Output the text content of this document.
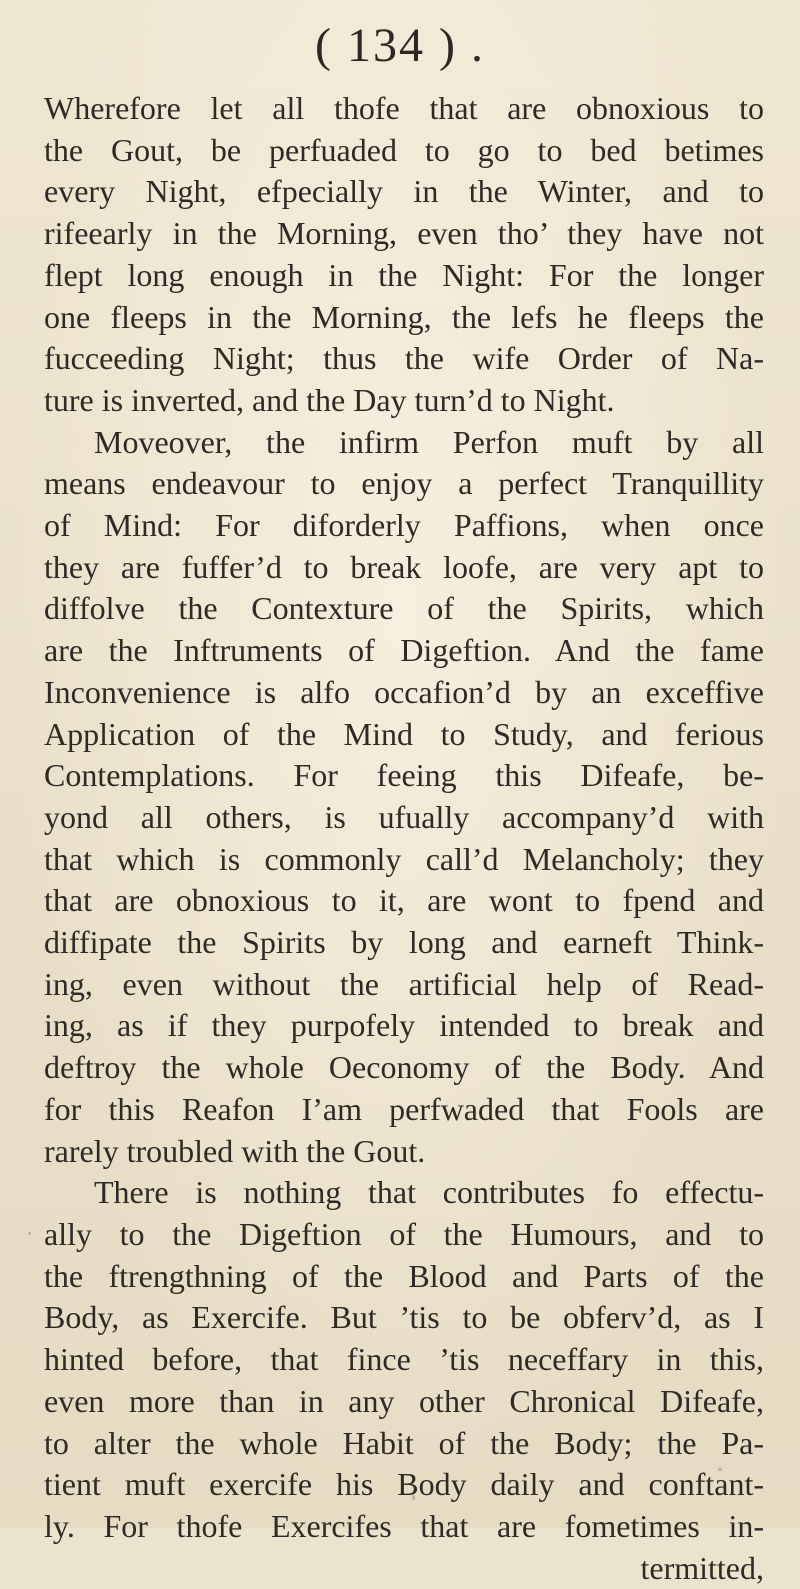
( 134 ) .
Wherefore let all thofe that are obnoxious to
the Gout, be perfuaded to go to bed betimes
every Night, efpecially in the Winter, and to
rifeearly in the Morning, even tho’ they have not
flept long enough in the Night: For the longer
one fleeps in the Morning, the lefs he fleeps the
fucceeding Night; thus the wife Order of Na-
ture is inverted, and the Day turn’d to Night.
Moveover, the infirm Perfon muft by all
means endeavour to enjoy a perfect Tranquillity
of Mind: For diforderly Paffions, when once
they are fuffer’d to break loofe, are very apt to
diffolve the Contexture of the Spirits, which
are the Inftruments of Digeftion. And the fame
Inconvenience is alfo occafion’d by an exceffive
Application of the Mind to Study, and ferious
Contemplations. For feeing this Difeafe, be-
yond all others, is ufually accompany’d with
that which is commonly call’d Melancholy; they
that are obnoxious to it, are wont to fpend and
diffipate the Spirits by long and earneft Think-
ing, even without the artificial help of Read-
ing, as if they purpofely intended to break and
deftroy the whole Oeconomy of the Body. And
for this Reafon I’am perfwaded that Fools are
rarely troubled with the Gout.
There is nothing that contributes fo effectu-
ally to the Digeftion of the Humours, and to
the ftrengthning of the Blood and Parts of the
Body, as Exercife. But ’tis to be obferv’d, as I
hinted before, that fince ’tis neceffary in this,
even more than in any other Chronical Difeafe,
to alter the whole Habit of the Body; the Pa-
tient muft exercife his Body daily and conftant-
ly. For thofe Exercifes that are fometimes in-
termitted,
